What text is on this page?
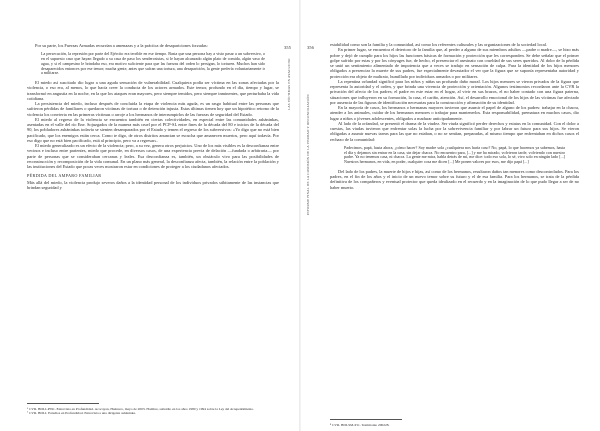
355
LAS VÍCTIMAS EN AYACUCHO

Por su parte, los Fuerzas Armadas recurrían a amenazas y a la práctica de desapariciones forzadas:

La persecución, la represión por parte del Ejército era terrible en ese tiempo. Basta que una persona hay a visto pasar a un subversivo, o en el supuesto caso que hayan llegado a su casa de paso los senderosistas, si le hayan alcanzado algún plato de comida, algún vaso de agua, y si el campesino le brindaba eso, era motivo suficiente para que las fuerzas del orden lo persigan, lo torturen. Muchos han sido desaparecidos entonces por ese temor; mucha gente, antes que sufran una tortura, una desaparición, la gente prefería voluntariamente ir a militarse.

El miedo así suscitado dio lugar a una aguda sensación de vulnerabilidad. Cualquiera podía ser víctima en las zonas afectadas por la violencia, o eso era, al menos, lo que hacía creer la conducta de los actores armados. Este temor, profundo en el día, tiempo y lugar, se transformó en angustia en la noche, en la que los ataques eran mayores, pero siempre temidos, pero siempre inminentes, que perturbaba la vida cotidiana.

La persistencia del miedo, incluso después de concluida la etapa de violencia más aguda, es un rasgo habitual entre las personas que sufrieron pérdidas de familiares o quedaron víctimas de tortura o de detención injusta. Estas últimas tienen hoy que un hipotético retorno de la violencia los convierta en las primeras víctimas o arroje a los hermanos de interrumpirlos de las fuerzas de seguridad del Estado.

El miedo al regreso de la violencia se encuentra también en ciertas colectividades, en especial entre las comunidades asháninkas, asentadas en el valle del río Ene. Sojuzgados de la manera más cruel por el PCP-SL entre fines de la década del 80 e inicios de la década del 90, los pobladores asháninkas todavía se sienten desamparados por el Estado y temen el regreso de los subversivos: «Yo digo que no está bien pacificado, que los enemigos están cerca. Como te digo, de otros distritos anuncian se escucha que amanecen muertos, pero aquí todavía. Por eso digo que no está bien pacificado, está al principio, pero va a regresar».

El miedo generalizado es un efecto de la violencia; pero, a su vez, genera otros perjuicios. Uno de los más visibles es la desconfianza entre vecinos e incluso entre parientes, miedo que procede, en diversos casos, de una experiencia previa de delación —fundada o arbitraria— por parte de personas que se consideraban cercanas y leales. Esa desconfianza es, también, un obstáculo vivo para las posibilidades de reconstrucción y recomposición de la vida comunal. En un plano más general, la desconfianza afecta, también, la relación entre la población y las instituciones del Estado que pocas veces mostraron estar en condiciones de proteger a los ciudadanos afectados.

PÉRDIDA DEL AMPARO FAMILIAR

Más allá del miedo, la violencia produjo severos daños a la identidad personal de los individuos privados súbitamente de las instancias que brindan seguridad y

⁶ CVR. BDI-I-P591. Entrevista en Profundidad. Acocayan, Huánuco, mayo de 2003. Hombre, subsidio en los años 1980 y 1994 sobre la Ley del Arrepentimiento.
⁷ CVR. BDI-I. Estudios en Profundidad. Entrevista a una dirigente asháninka.
356
INFORME FINAL DE LA COMISIÓN DE LA VERDAD Y RECONCILIACIÓN

estabilidad como son la familia y la comunidad, así como los referentes culturales y las organizaciones de la sociedad local.

En primer lugar, se encuentra el deterioro de la familia que, al perder a alguno de sus miembros adultos —padre o madre—, se hizo más pobre y dejó de cumplir para los hijos las funciones básicas de formación y protección que les corresponden. Se debe señalar que el primer golpe sufrido por estas y por los cónyuges fue, de hecho, el presenciar el asesinato con crueldad de sus seres queridos. Al dolor de la pérdida se unió un sentimiento alimentado de impotencia que a veces se tradujo en sensación de culpa. Para la identidad de los hijos menores obligados a presenciar la muerte de sus padres, fue especialmente devastador el ver que la figura que se suponía representaba autoridad y protección era objeto de maltrato, humillado por individuos armados o por militares.

La repentina orfandad significó para los niños y niñas un profundo daño moral. Los hijos menores se vieron privados de la figura que representa la autoridad y el orden, y que brinda una vivencia de protección y orientación. Algunos testimonios recordaron ante la CVR la privación del afecto de los padres; el padre en este estar en el hogar, al vivir en sus brazos, el no haber contado con una figura paterna, situaciones que influyeron en su formación, la casa, el cariño, atención. Así, el desarrollo emocional de los hijos de las víctimas fue afectado por ausencia de las figuras de identificación necesarias para la construcción y afirmación de su identidad.

En la mayoría de casos, los hermanos o hermanas mayores tuvieron que asumir el papel de alguno de los padres: trabajar en la chacra, atender a los animales, cuidar de los hermanos menores o trabajar para mantenerlos. Esta responsabilidad, prematura en muchos casos, dio lugar a niños o jóvenes adolescentes, obligados a madurar anticipadamente.

Al lado de la orfandad, se presentó el drama de la viudez. Ser viuda significó perder derechos y estatus en la comunidad. Con el dolor a cuestas, las viudas tuvieron que enfrentar solas la lucha por la sobrevivencia familiar y por labrar un futuro para sus hijos. Se vieron obligadas a asumir nuevas tareas para las que no estaban, o no se sentían, preparadas, al mismo tiempo que enfrentaban en dichos casos el rechazo de la comunidad:

Padecimos, papá, hasta ahora, ¿cómo hacer? Soy madre sola ¿cualquiera nos haría caso? No, papá, lo que hacemos ya sabemos, hasta el día y dejamos sin entrar en la casa, sin dejar chacra. No encuentro para, [...] y me ha mirado, volvieron tarde, volviendo con nuestro padre. Ya no tenemos casa, ni chacra. La gente me mira, habla detrás de mí, me dice: todo eso sola, lo sé, vivo solo en ningún lado [...] Nuestros hermanos, en vida, en poder, cualquier cosa me dicen [...] Me ponen valores por esos, me dijo papá [...]

Del lado de los padres, la muerte de hijos e hijas, así como de los hermanos, resultaron daños tan menores como descontrolados. Para los padres, en el fin de los años y el inicio de un nuevo temor sobre su futuro y el de esa familia. Para los hermanos, se trata de la pérdida definitiva de los compañeros y eventual protector que queda idealizado en el recuerdo y en la imaginación de lo que pudo llegar a ser de no haber muerto.

⁸ CVR. BDI-SM-P11. Testimonio 200228.
